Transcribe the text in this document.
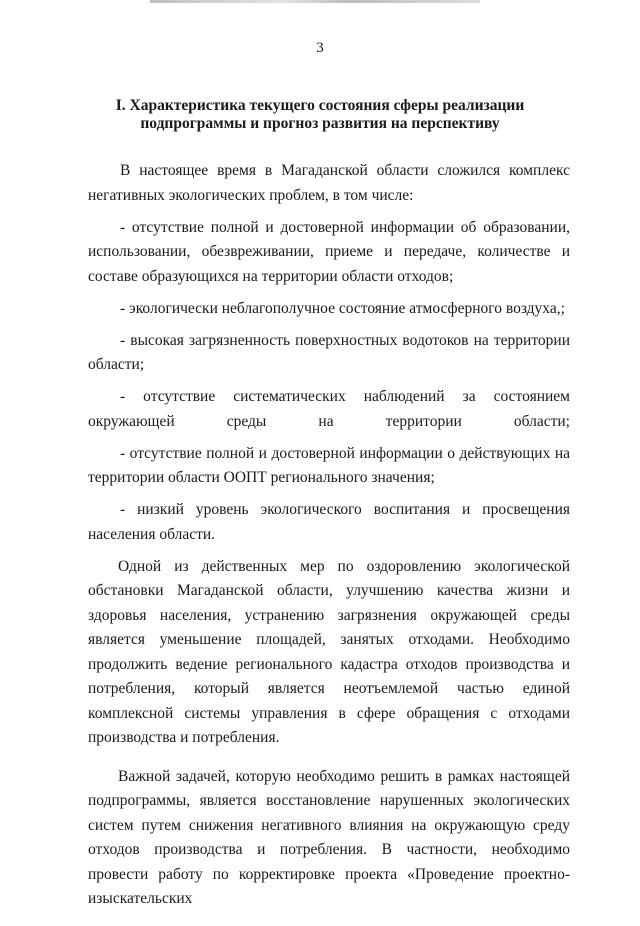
3
I. Характеристика текущего состояния сферы реализации
подпрограммы и прогноз развития на перспективу

В настоящее время в Магаданской области сложился комплекс негативных экологических проблем, в том числе:

- отсутствие полной и достоверной информации об образовании, использовании, обезвреживании, приеме и передаче, количестве и составе образующихся на территории области отходов;

- экологически неблагополучное состояние атмосферного воздуха,;

- высокая загрязненность поверхностных водотоков на территории области;

- отсутствие систематических наблюдений за состоянием окружающей среды на территории области;

- отсутствие полной и достоверной информации о действующих на территории области ООПТ регионального значения;

- низкий уровень экологического воспитания и просвещения населения области.

Одной из действенных мер по оздоровлению экологической обстановки Магаданской области, улучшению качества жизни и здоровья населения, устранению загрязнения окружающей среды является уменьшение площадей, занятых отходами. Необходимо продолжить ведение регионального кадастра отходов производства и потребления, который является неотъемлемой частью единой комплексной системы управления в сфере обращения с отходами производства и потребления.

Важной задачей, которую необходимо решить в рамках настоящей подпрограммы, является восстановление нарушенных экологических систем путем снижения негативного влияния на окружающую среду отходов производства и потребления. В частности, необходимо провести работу по корректировке проекта «Проведение проектно-изыскательских
